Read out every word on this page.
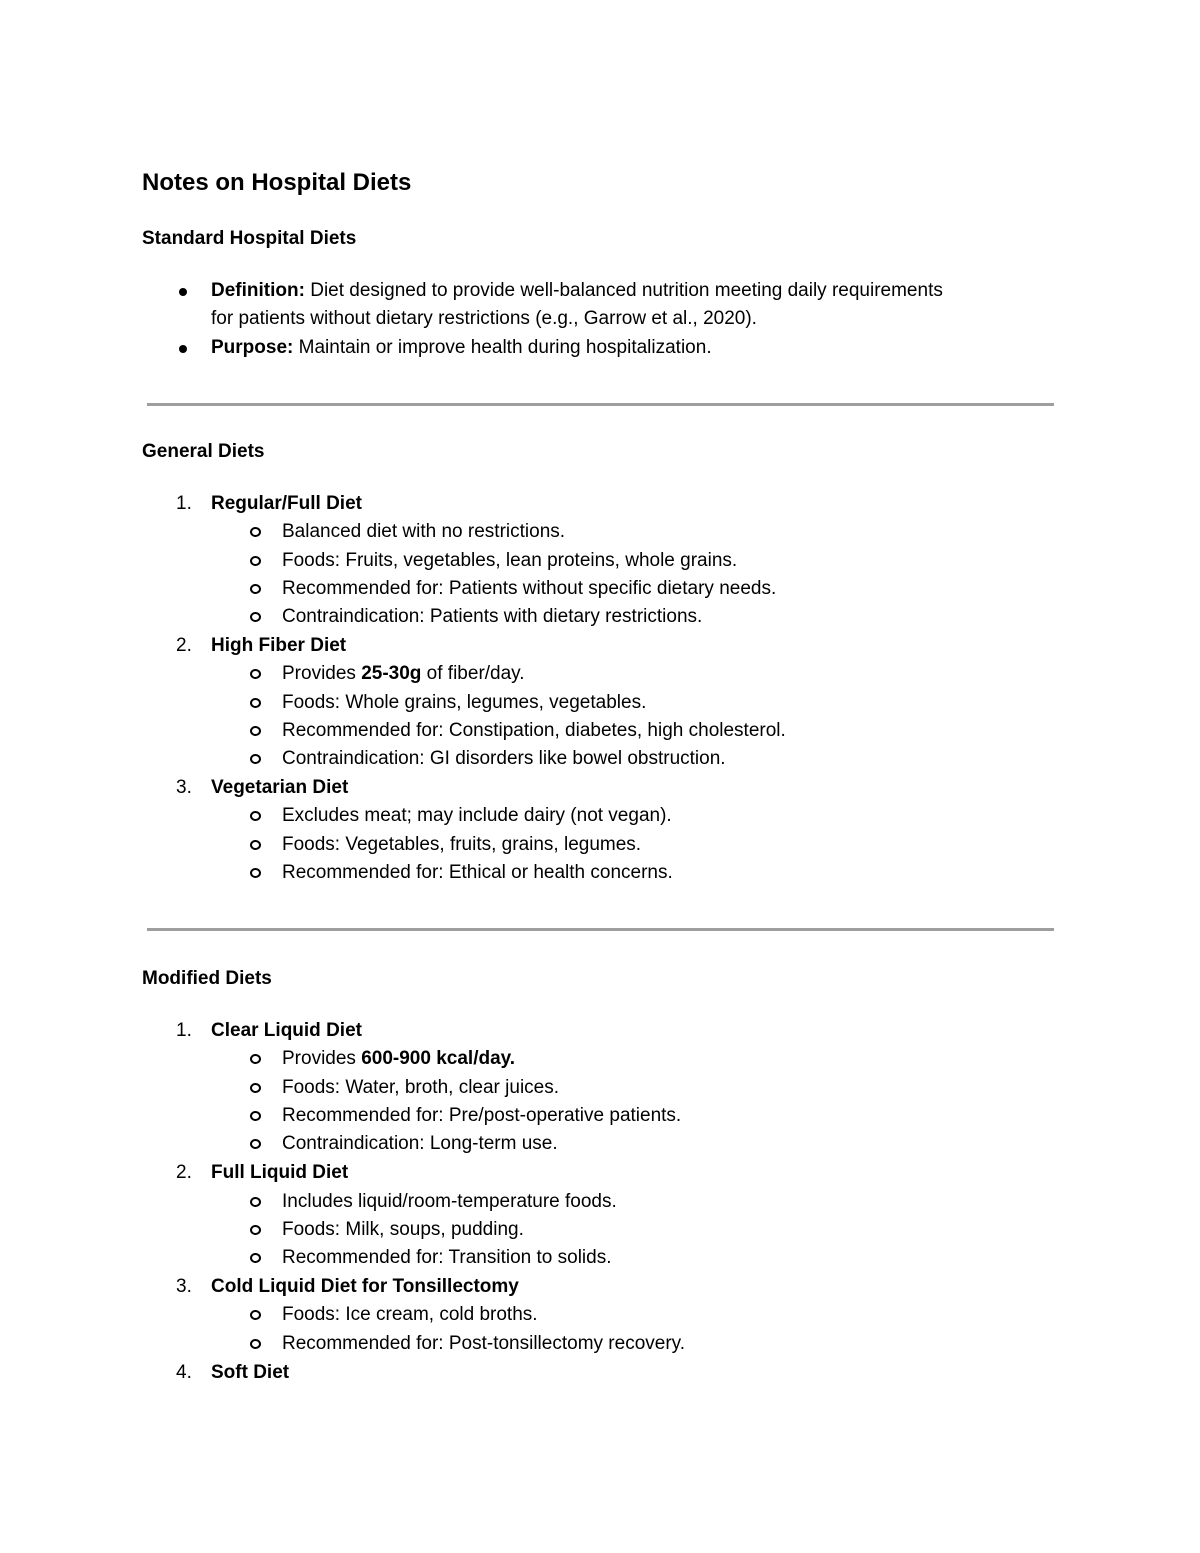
Notes on Hospital Diets
Standard Hospital Diets
Definition: Diet designed to provide well-balanced nutrition meeting daily requirements
for patients without dietary restrictions (e.g., Garrow et al., 2020).
Purpose: Maintain or improve health during hospitalization.
General Diets
1. Regular/Full Diet
Balanced diet with no restrictions.
Foods: Fruits, vegetables, lean proteins, whole grains.
Recommended for: Patients without specific dietary needs.
Contraindication: Patients with dietary restrictions.
2. High Fiber Diet
Provides 25-30g of fiber/day.
Foods: Whole grains, legumes, vegetables.
Recommended for: Constipation, diabetes, high cholesterol.
Contraindication: GI disorders like bowel obstruction.
3. Vegetarian Diet
Excludes meat; may include dairy (not vegan).
Foods: Vegetables, fruits, grains, legumes.
Recommended for: Ethical or health concerns.
Modified Diets
1. Clear Liquid Diet
Provides 600-900 kcal/day.
Foods: Water, broth, clear juices.
Recommended for: Pre/post-operative patients.
Contraindication: Long-term use.
2. Full Liquid Diet
Includes liquid/room-temperature foods.
Foods: Milk, soups, pudding.
Recommended for: Transition to solids.
3. Cold Liquid Diet for Tonsillectomy
Foods: Ice cream, cold broths.
Recommended for: Post-tonsillectomy recovery.
4. Soft Diet
